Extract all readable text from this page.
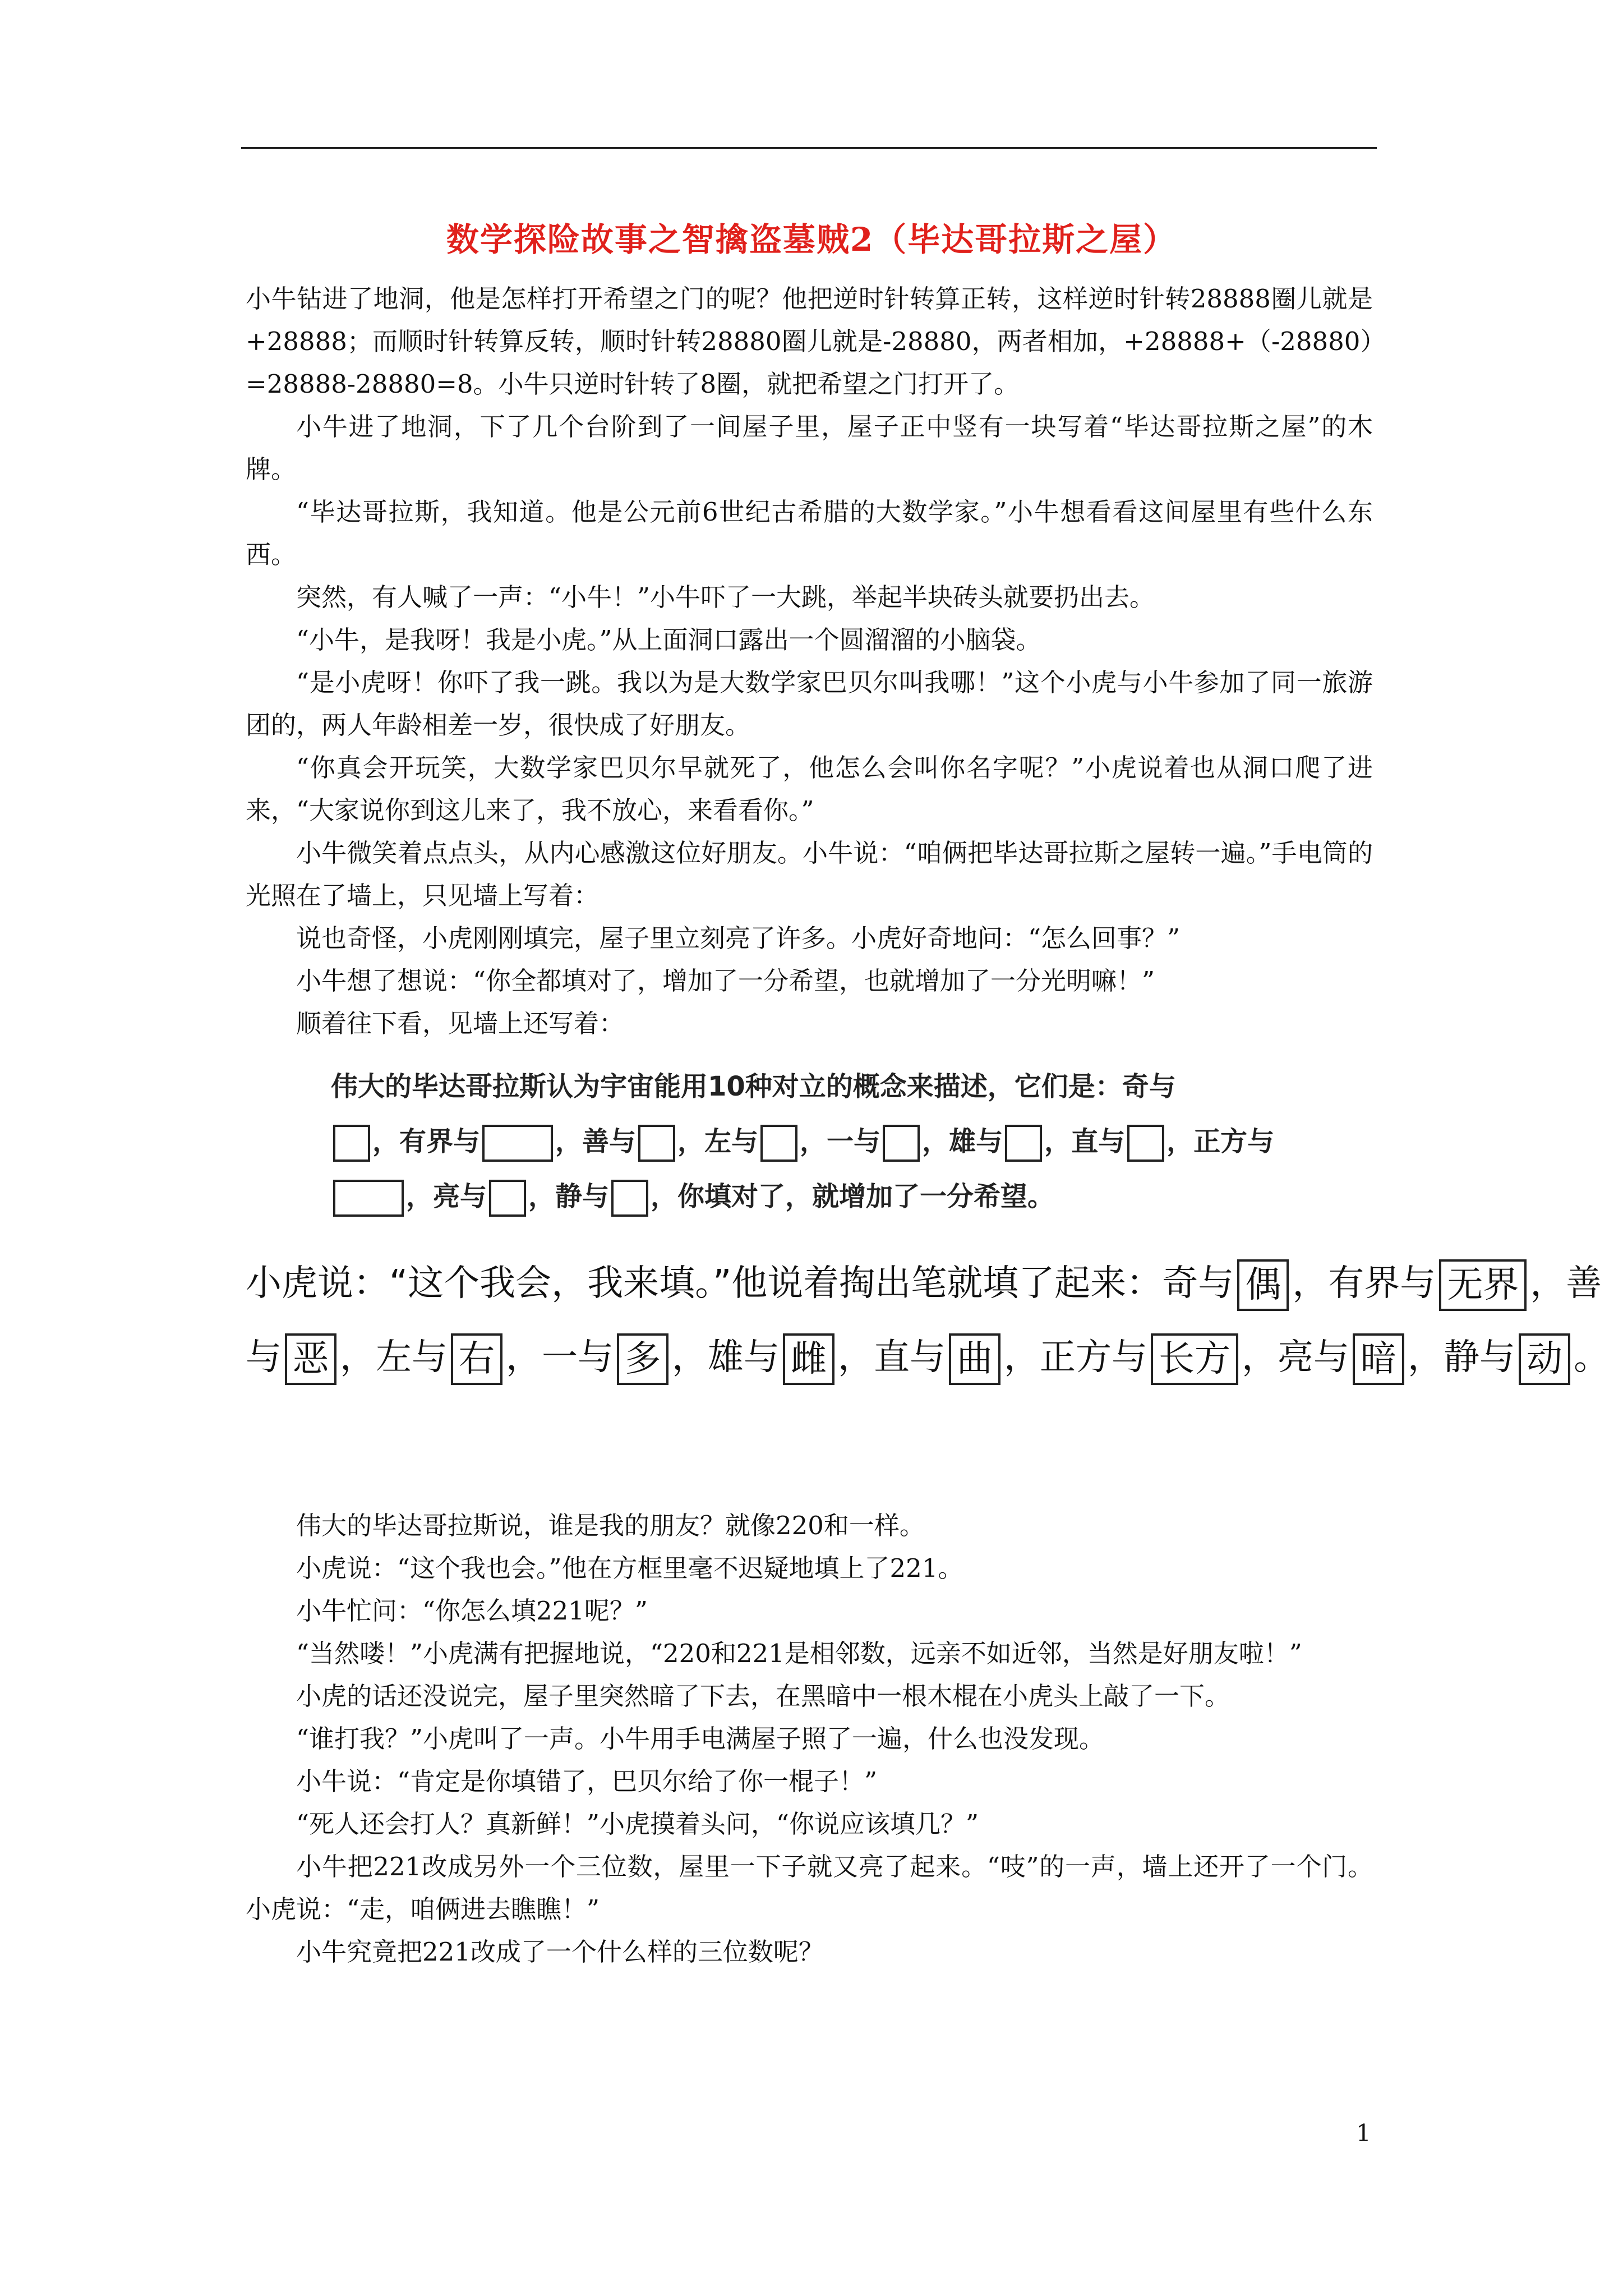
数学探险故事之智擒盗墓贼2（毕达哥拉斯之屋）

小牛钻进了地洞，他是怎样打开希望之门的呢？他把逆时针转算正转，这样逆时针转28888圈儿就是+28888；而顺时针转算反转，顺时针转28880圈儿就是-28880，两者相加，+28888+（-28880）=28888-28880=8。小牛只逆时针转了8圈，就把希望之门打开了。

小牛进了地洞，下了几个台阶到了一间屋子里，屋子正中竖有一块写着“毕达哥拉斯之屋”的木牌。

“毕达哥拉斯，我知道。他是公元前6世纪古希腊的大数学家。”小牛想看看这间屋里有些什么东西。

突然，有人喊了一声：“小牛！”小牛吓了一大跳，举起半块砖头就要扔出去。

“小牛，是我呀！我是小虎。”从上面洞口露出一个圆溜溜的小脑袋。

“是小虎呀！你吓了我一跳。我以为是大数学家巴贝尔叫我哪！”这个小虎与小牛参加了同一旅游团的，两人年龄相差一岁，很快成了好朋友。

“你真会开玩笑，大数学家巴贝尔早就死了，他怎么会叫你名字呢？”小虎说着也从洞口爬了进来，“大家说你到这儿来了，我不放心，来看看你。”

小牛微笑着点点头，从内心感激这位好朋友。小牛说：“咱俩把毕达哥拉斯之屋转一遍。”手电筒的光照在了墙上，只见墙上写着：

说也奇怪，小虎刚刚填完，屋子里立刻亮了许多。小虎好奇地问：“怎么回事？”

小牛想了想说：“你全都填对了，增加了一分希望，也就增加了一分光明嘛！”

顺着往下看，见墙上还写着：

伟大的毕达哥拉斯认为宇宙能用10种对立的概念来描述，它们是：奇与
，有界与	，善与 ，左与 ，一与 ，雄与 ，直与 ，正方与
，亮与 ，静与 ，你填对了，就增加了一分希望。
小虎说：“这个我会，我来填。”他说着掏出笔就填了起来：奇与 偶 ，有界与 无界 ，善与 恶 ，左与 右 ，一与 多 ，雄与 雌 ，直与 曲 ，正方与 长方 ，亮与 暗 ，静与 动 。

伟大的毕达哥拉斯说，谁是我的朋友？就像220和一样。

小虎说：“这个我也会。”他在方框里毫不迟疑地填上了221。

小牛忙问：“你怎么填221呢？”

“当然喽！”小虎满有把握地说，“220和221是相邻数，远亲不如近邻，当然是好朋友啦！”

小虎的话还没说完，屋子里突然暗了下去，在黑暗中一根木棍在小虎头上敲了一下。

“谁打我？”小虎叫了一声。小牛用手电满屋子照了一遍，什么也没发现。

小牛说：“肯定是你填错了，巴贝尔给了你一棍子！”

“死人还会打人？真新鲜！”小虎摸着头问，“你说应该填几？”

小牛把221改成另外一个三位数，屋里一下子就又亮了起来。“吱”的一声，墙上还开了一个门。小虎说：“走，咱俩进去瞧瞧！”

小牛究竟把221改成了一个什么样的三位数呢？

1
